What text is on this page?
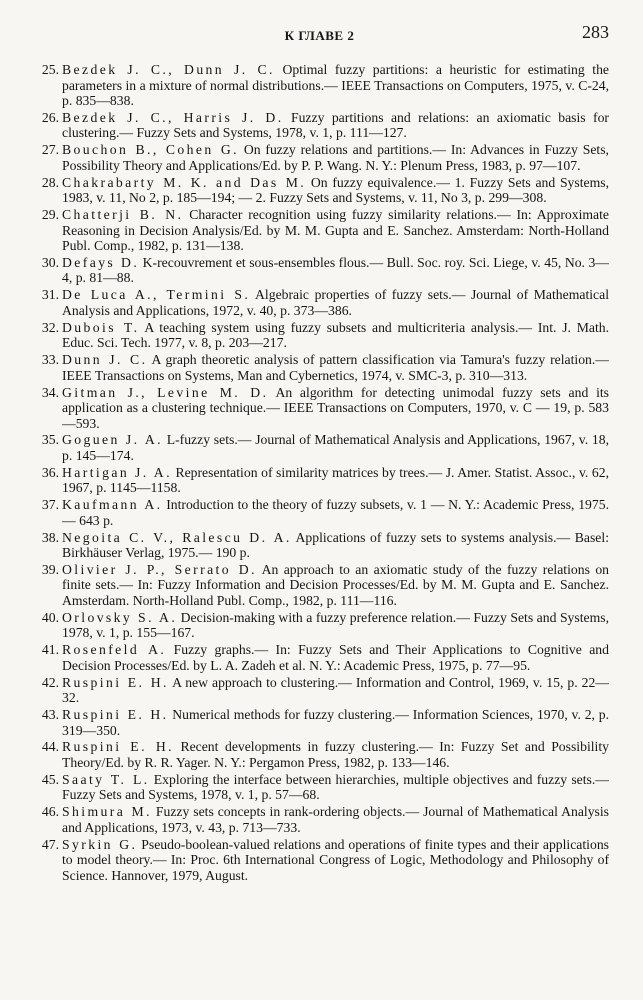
К ГЛАВЕ 2	283
25. Bezdek J. C., Dunn J. C. Optimal fuzzy partitions: a heuristic for estimating the parameters in a mixture of normal distributions.— IEEE Transactions on Computers, 1975, v. C-24, p. 835—838.
26. Bezdek J. C., Harris J. D. Fuzzy partitions and relations: an axiomatic basis for clustering.— Fuzzy Sets and Systems, 1978, v. 1, p. 111—127.
27. Bouchon B., Cohen G. On fuzzy relations and partitions.— In: Advances in Fuzzy Sets, Possibility Theory and Applications/Ed. by P. P. Wang. N. Y.: Plenum Press, 1983, p. 97—107.
28. Chakrabarty M. K. and Das M. On fuzzy equivalence.— 1. Fuzzy Sets and Systems, 1983, v. 11, No 2, p. 185—194; — 2. Fuzzy Sets and Systems, v. 11, No 3, p. 299—308.
29. Chatterji B. N. Character recognition using fuzzy similarity relations.— In: Approximate Reasoning in Decision Analysis/Ed. by M. M. Gupta and E. Sanchez. Amsterdam: North-Holland Publ. Comp., 1982, p. 131—138.
30. Defays D. K-recouvrement et sous-ensembles flous.— Bull. Soc. roy. Sci. Liege, v. 45, No. 3—4, p. 81—88.
31. De Luca A., Termini S. Algebraic properties of fuzzy sets.— Journal of Mathematical Analysis and Applications, 1972, v. 40, p. 373—386.
32. Dubois T. A teaching system using fuzzy subsets and multicriteria analysis.— Int. J. Math. Educ. Sci. Tech. 1977, v. 8, p. 203—217.
33. Dunn J. C. A graph theoretic analysis of pattern classification via Tamura's fuzzy relation.— IEEE Transactions on Systems, Man and Cybernetics, 1974, v. SMC-3, p. 310—313.
34. Gitman J., Levine M. D. An algorithm for detecting unimodal fuzzy sets and its application as a clustering technique.— IEEE Transactions on Computers, 1970, v. C — 19, p. 583—593.
35. Goguen J. A. L-fuzzy sets.— Journal of Mathematical Analysis and Applications, 1967, v. 18, p. 145—174.
36. Hartigan J. A. Representation of similarity matrices by trees.— J. Amer. Statist. Assoc., v. 62, 1967, p. 1145—1158.
37. Kaufmann A. Introduction to the theory of fuzzy subsets, v. 1 — N. Y.: Academic Press, 1975.— 643 p.
38. Negoita C. V., Ralescu D. A. Applications of fuzzy sets to systems analysis.— Basel: Birkhäuser Verlag, 1975.— 190 p.
39. Olivier J. P., Serrato D. An approach to an axiomatic study of the fuzzy relations on finite sets.— In: Fuzzy Information and Decision Processes/Ed. by M. M. Gupta and E. Sanchez. Amsterdam. North-Holland Publ. Comp., 1982, p. 111—116.
40. Orlovsky S. A. Decision-making with a fuzzy preference relation.— Fuzzy Sets and Systems, 1978, v. 1, p. 155—167.
41. Rosenfeld A. Fuzzy graphs.— In: Fuzzy Sets and Their Applications to Cognitive and Decision Processes/Ed. by L. A. Zadeh et al. N. Y.: Academic Press, 1975, p. 77—95.
42. Ruspini E. H. A new approach to clustering.— Information and Control, 1969, v. 15, p. 22—32.
43. Ruspini E. H. Numerical methods for fuzzy clustering.— Information Sciences, 1970, v. 2, p. 319—350.
44. Ruspini E. H. Recent developments in fuzzy clustering.— In: Fuzzy Set and Possibility Theory/Ed. by R. R. Yager. N. Y.: Pergamon Press, 1982, p. 133—146.
45. Saaty T. L. Exploring the interface between hierarchies, multiple objectives and fuzzy sets.— Fuzzy Sets and Systems, 1978, v. 1, p. 57—68.
46. Shimura M. Fuzzy sets concepts in rank-ordering objects.— Journal of Mathematical Analysis and Applications, 1973, v. 43, p. 713—733.
47. Syrkin G. Pseudo-boolean-valued relations and operations of finite types and their applications to model theory.— In: Proc. 6th International Congress of Logic, Methodology and Philosophy of Science. Hannover, 1979, August.
